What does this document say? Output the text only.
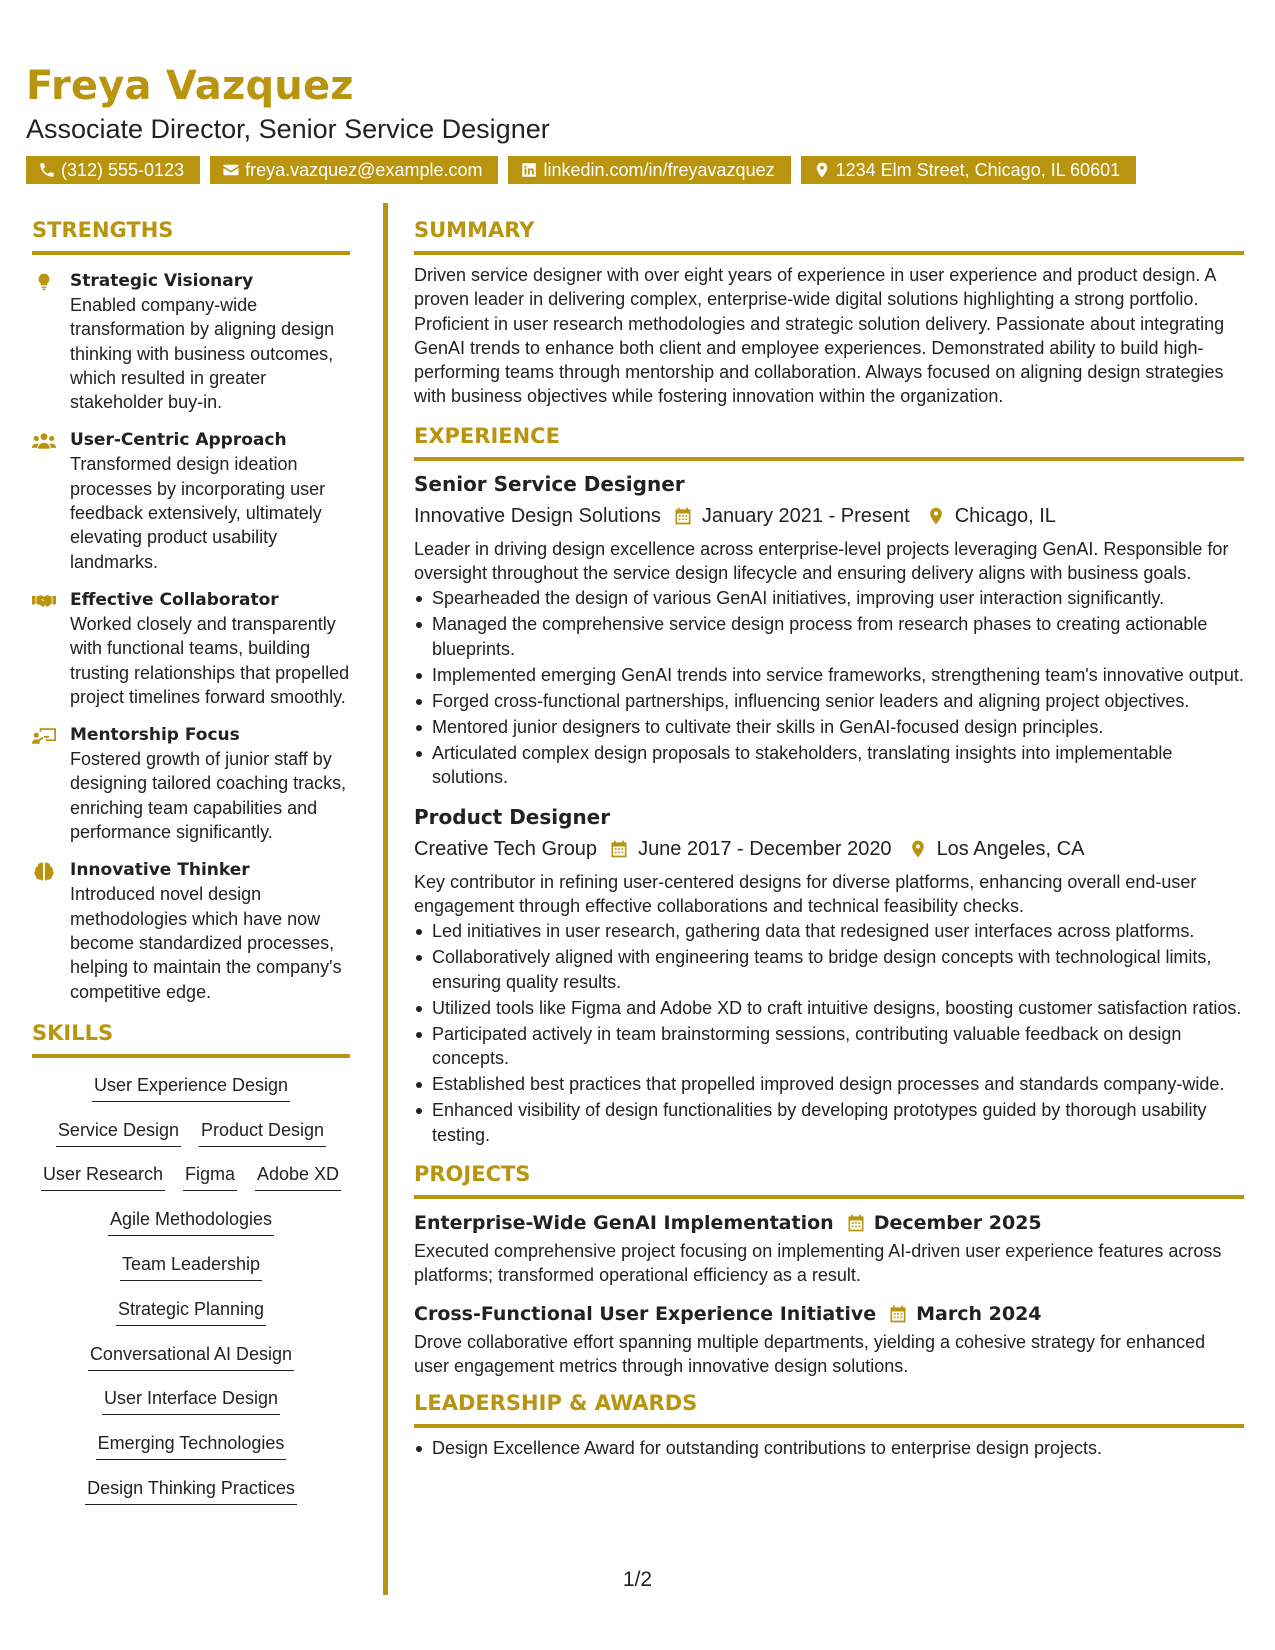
Freya Vazquez
Associate Director, Senior Service Designer
(312) 555-0123	freya.vazquez@example.com	linkedin.com/in/freyavazquez	1234 Elm Street, Chicago, IL 60601
STRENGTHS
Strategic Visionary
Enabled company-wide transformation by aligning design thinking with business outcomes, which resulted in greater stakeholder buy-in.
User-Centric Approach
Transformed design ideation processes by incorporating user feedback extensively, ultimately elevating product usability landmarks.
Effective Collaborator
Worked closely and transparently with functional teams, building trusting relationships that propelled project timelines forward smoothly.
Mentorship Focus
Fostered growth of junior staff by designing tailored coaching tracks, enriching team capabilities and performance significantly.
Innovative Thinker
Introduced novel design methodologies which have now become standardized processes, helping to maintain the company's competitive edge.
SKILLS
User Experience Design
Service Design Product Design
User Research Figma Adobe XD
Agile Methodologies
Team Leadership
Strategic Planning
Conversational AI Design
User Interface Design
Emerging Technologies
Design Thinking Practices
SUMMARY
Driven service designer with over eight years of experience in user experience and product design. A proven leader in delivering complex, enterprise-wide digital solutions highlighting a strong portfolio. Proficient in user research methodologies and strategic solution delivery. Passionate about integrating GenAI trends to enhance both client and employee experiences. Demonstrated ability to build high-performing teams through mentorship and collaboration. Always focused on aligning design strategies with business objectives while fostering innovation within the organization.
EXPERIENCE
Senior Service Designer
Innovative Design Solutions January 2021 - Present Chicago, IL
Leader in driving design excellence across enterprise-level projects leveraging GenAI. Responsible for oversight throughout the service design lifecycle and ensuring delivery aligns with business goals.
Spearheaded the design of various GenAI initiatives, improving user interaction significantly.
Managed the comprehensive service design process from research phases to creating actionable blueprints.
Implemented emerging GenAI trends into service frameworks, strengthening team's innovative output.
Forged cross-functional partnerships, influencing senior leaders and aligning project objectives.
Mentored junior designers to cultivate their skills in GenAI-focused design principles.
Articulated complex design proposals to stakeholders, translating insights into implementable solutions.
Product Designer
Creative Tech Group June 2017 - December 2020 Los Angeles, CA
Key contributor in refining user-centered designs for diverse platforms, enhancing overall end-user engagement through effective collaborations and technical feasibility checks.
Led initiatives in user research, gathering data that redesigned user interfaces across platforms.
Collaboratively aligned with engineering teams to bridge design concepts with technological limits, ensuring quality results.
Utilized tools like Figma and Adobe XD to craft intuitive designs, boosting customer satisfaction ratios.
Participated actively in team brainstorming sessions, contributing valuable feedback on design concepts.
Established best practices that propelled improved design processes and standards company-wide.
Enhanced visibility of design functionalities by developing prototypes guided by thorough usability testing.
PROJECTS
Enterprise-Wide GenAI Implementation December 2025
Executed comprehensive project focusing on implementing AI-driven user experience features across platforms; transformed operational efficiency as a result.
Cross-Functional User Experience Initiative March 2024
Drove collaborative effort spanning multiple departments, yielding a cohesive strategy for enhanced user engagement metrics through innovative design solutions.
LEADERSHIP & AWARDS
Design Excellence Award for outstanding contributions to enterprise design projects.
1/2
